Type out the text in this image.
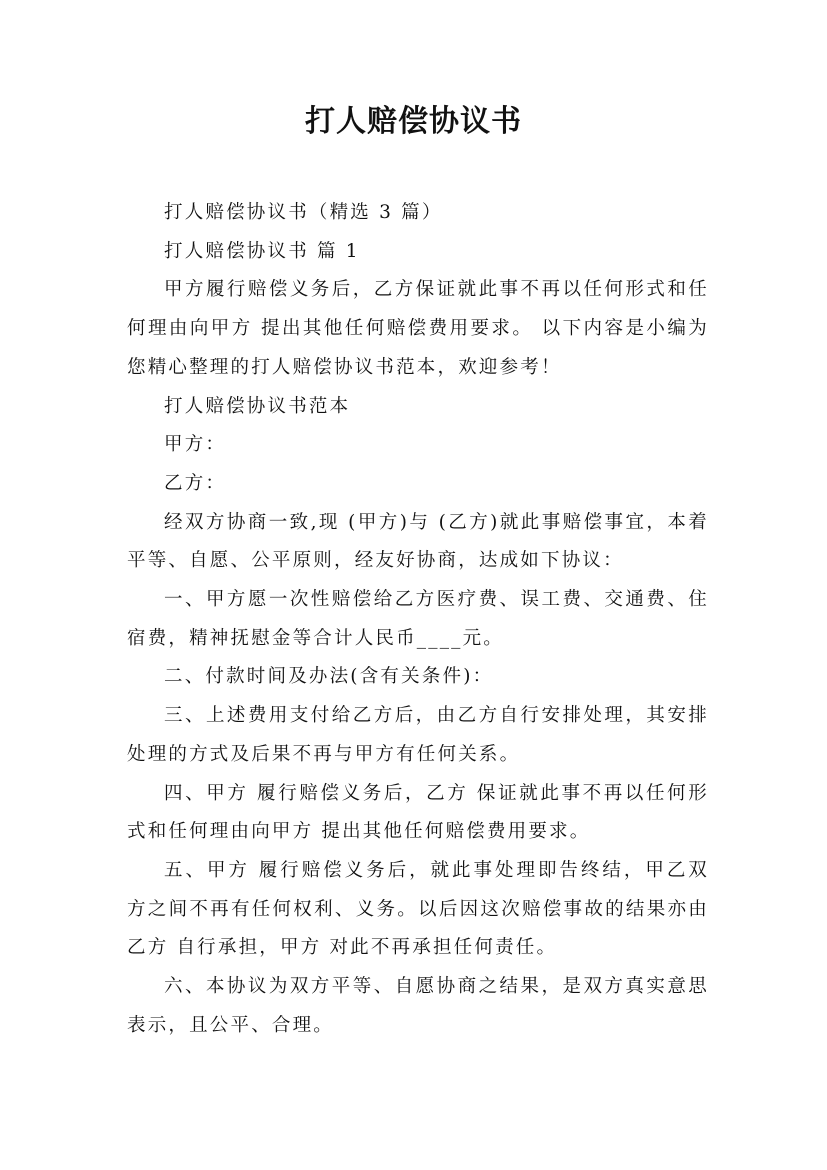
打人赔偿协议书

打人赔偿协议书（精选 3 篇）

打人赔偿协议书 篇 1

甲方履行赔偿义务后，乙方保证就此事不再以任何形式和任何理由向甲方 提出其他任何赔偿费用要求。 以下内容是小编为您精心整理的打人赔偿协议书范本，欢迎参考！

打人赔偿协议书范本

甲方：

乙方：

经双方协商一致,现 (甲方)与 (乙方)就此事赔偿事宜，本着平等、自愿、公平原则，经友好协商，达成如下协议：

一、甲方愿一次性赔偿给乙方医疗费、误工费、交通费、住宿费，精神抚慰金等合计人民币____元。

二、付款时间及办法(含有关条件)：

三、上述费用支付给乙方后，由乙方自行安排处理，其安排处理的方式及后果不再与甲方有任何关系。

四、甲方 履行赔偿义务后，乙方 保证就此事不再以任何形式和任何理由向甲方 提出其他任何赔偿费用要求。

五、甲方 履行赔偿义务后，就此事处理即告终结，甲乙双方之间不再有任何权利、义务。以后因这次赔偿事故的结果亦由乙方 自行承担，甲方 对此不再承担任何责任。

六、本协议为双方平等、自愿协商之结果，是双方真实意思表示，且公平、合理。
